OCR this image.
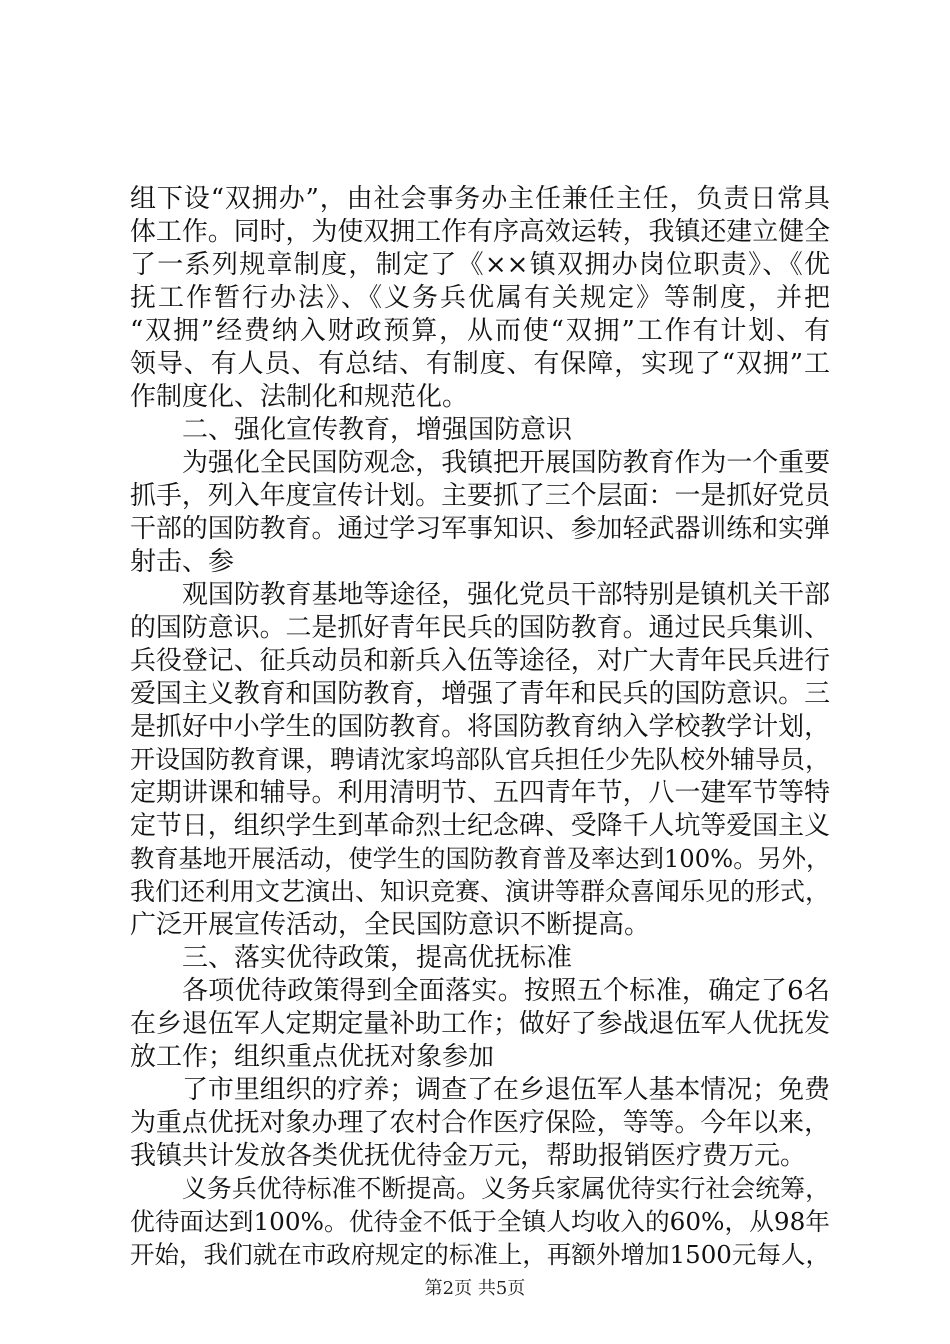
组下设“双拥办”，由社会事务办主任兼任主任，负责日常具
体工作。同时，为使双拥工作有序高效运转，我镇还建立健全
了一系列规章制度，制定了《××镇双拥办岗位职责》、《优
抚工作暂行办法》、《义务兵优属有关规定》等制度，并把
“双拥”经费纳入财政预算，从而使“双拥”工作有计划、有
领导、有人员、有总结、有制度、有保障，实现了“双拥”工
作制度化、法制化和规范化。
二、强化宣传教育，增强国防意识
为强化全民国防观念，我镇把开展国防教育作为一个重要
抓手，列入年度宣传计划。主要抓了三个层面：一是抓好党员
干部的国防教育。通过学习军事知识、参加轻武器训练和实弹
射击、参
观国防教育基地等途径，强化党员干部特别是镇机关干部
的国防意识。二是抓好青年民兵的国防教育。通过民兵集训、
兵役登记、征兵动员和新兵入伍等途径，对广大青年民兵进行
爱国主义教育和国防教育，增强了青年和民兵的国防意识。三
是抓好中小学生的国防教育。将国防教育纳入学校教学计划，
开设国防教育课，聘请沈家坞部队官兵担任少先队校外辅导员，
定期讲课和辅导。利用清明节、五四青年节，八一建军节等特
定节日，组织学生到革命烈士纪念碑、受降千人坑等爱国主义
教育基地开展活动，使学生的国防教育普及率达到100%。另外，
我们还利用文艺演出、知识竞赛、演讲等群众喜闻乐见的形式，
广泛开展宣传活动，全民国防意识不断提高。
三、落实优待政策，提高优抚标准
各项优待政策得到全面落实。按照五个标准，确定了6名
在乡退伍军人定期定量补助工作；做好了参战退伍军人优抚发
放工作；组织重点优抚对象参加
了市里组织的疗养；调查了在乡退伍军人基本情况；免费
为重点优抚对象办理了农村合作医疗保险，等等。今年以来，
我镇共计发放各类优抚优待金万元，帮助报销医疗费万元。
义务兵优待标准不断提高。义务兵家属优待实行社会统筹，
优待面达到100%。优待金不低于全镇人均收入的60%，从98年
开始，我们就在市政府规定的标准上，再额外增加1500元每人，
第2页 共5页
